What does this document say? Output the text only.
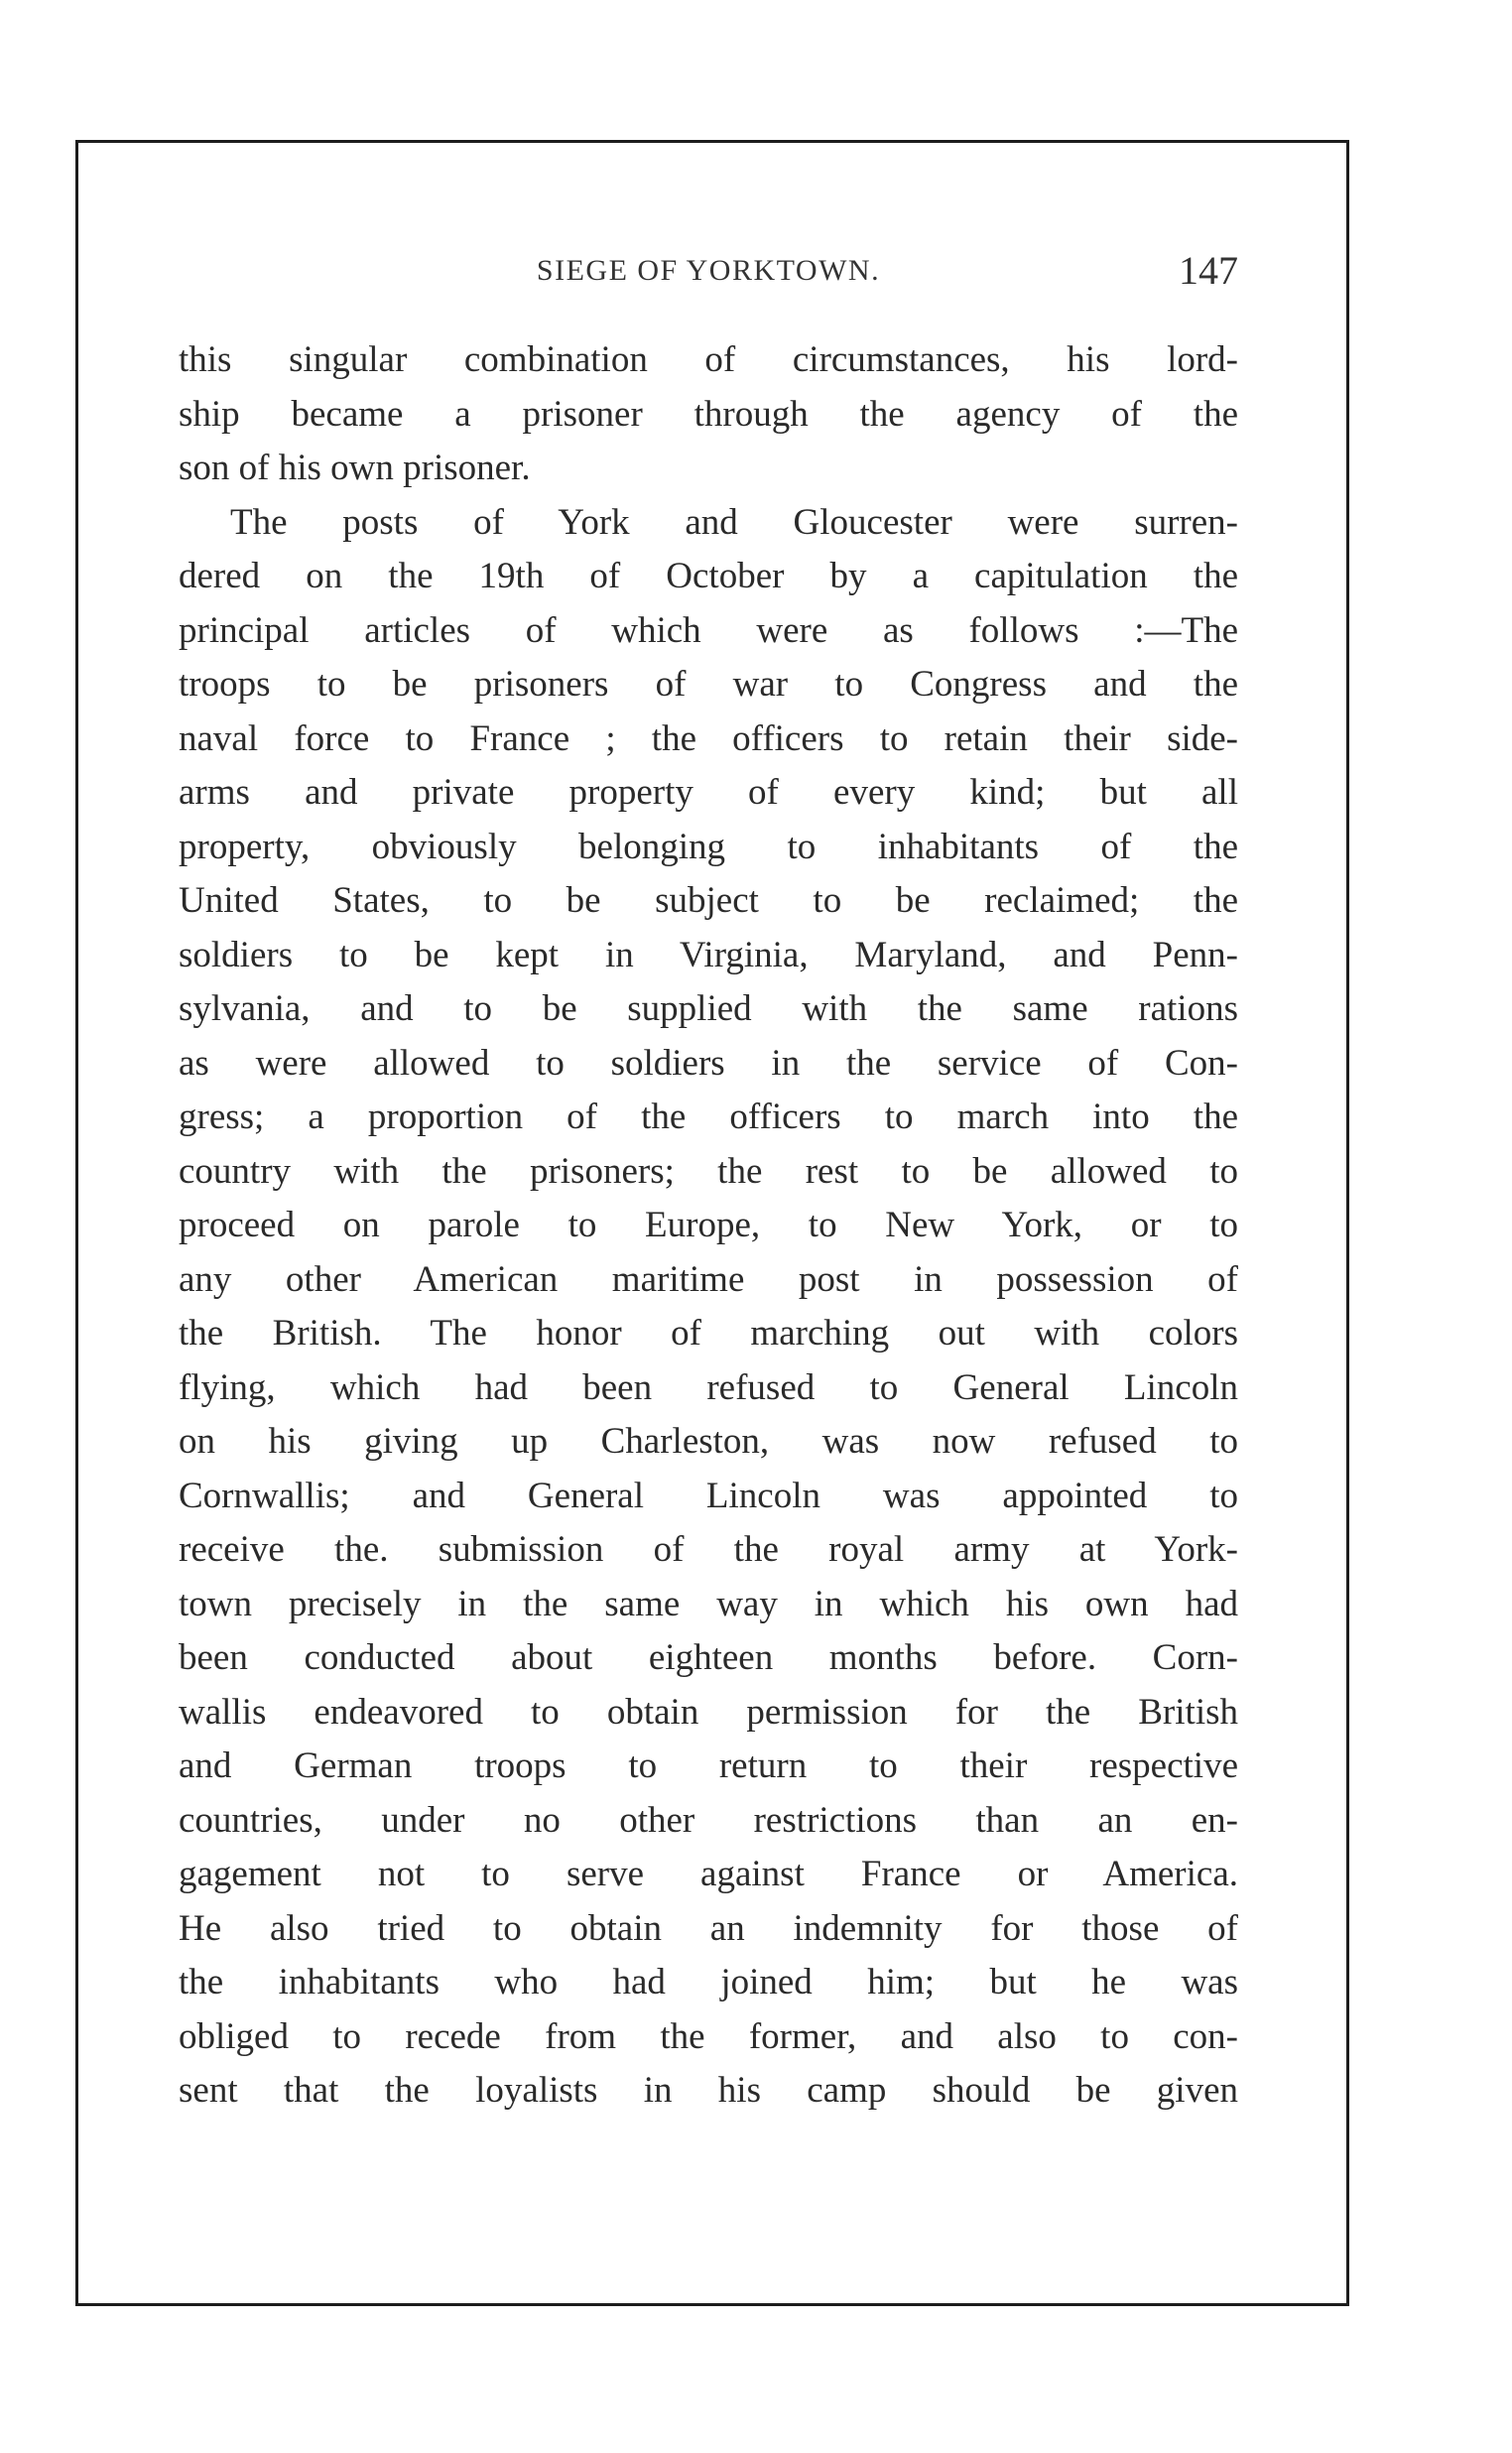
SIEGE OF YORKTOWN.	147
this singular combination of circumstances, his lord-
ship became a prisoner through the agency of the
son of his own prisoner.
The posts of York and Gloucester were surren-
dered on the 19th of October by a capitulation the
principal articles of which were as follows :—The
troops to be prisoners of war to Congress and the
naval force to France ; the officers to retain their side-
arms and private property of every kind; but all
property, obviously belonging to inhabitants of the
United States, to be subject to be reclaimed; the
soldiers to be kept in Virginia, Maryland, and Penn-
sylvania, and to be supplied with the same rations
as were allowed to soldiers in the service of Con-
gress; a proportion of the officers to march into the
country with the prisoners; the rest to be allowed to
proceed on parole to Europe, to New York, or to
any other American maritime post in possession of
the British. The honor of marching out with colors
flying, which had been refused to General Lincoln
on his giving up Charleston, was now refused to
Cornwallis; and General Lincoln was appointed to
receive the. submission of the royal army at York-
town precisely in the same way in which his own had
been conducted about eighteen months before. Corn-
wallis endeavored to obtain permission for the British
and German troops to return to their respective
countries, under no other restrictions than an en-
gagement not to serve against France or America.
He also tried to obtain an indemnity for those of
the inhabitants who had joined him; but he was
obliged to recede from the former, and also to con-
sent that the loyalists in his camp should be given
